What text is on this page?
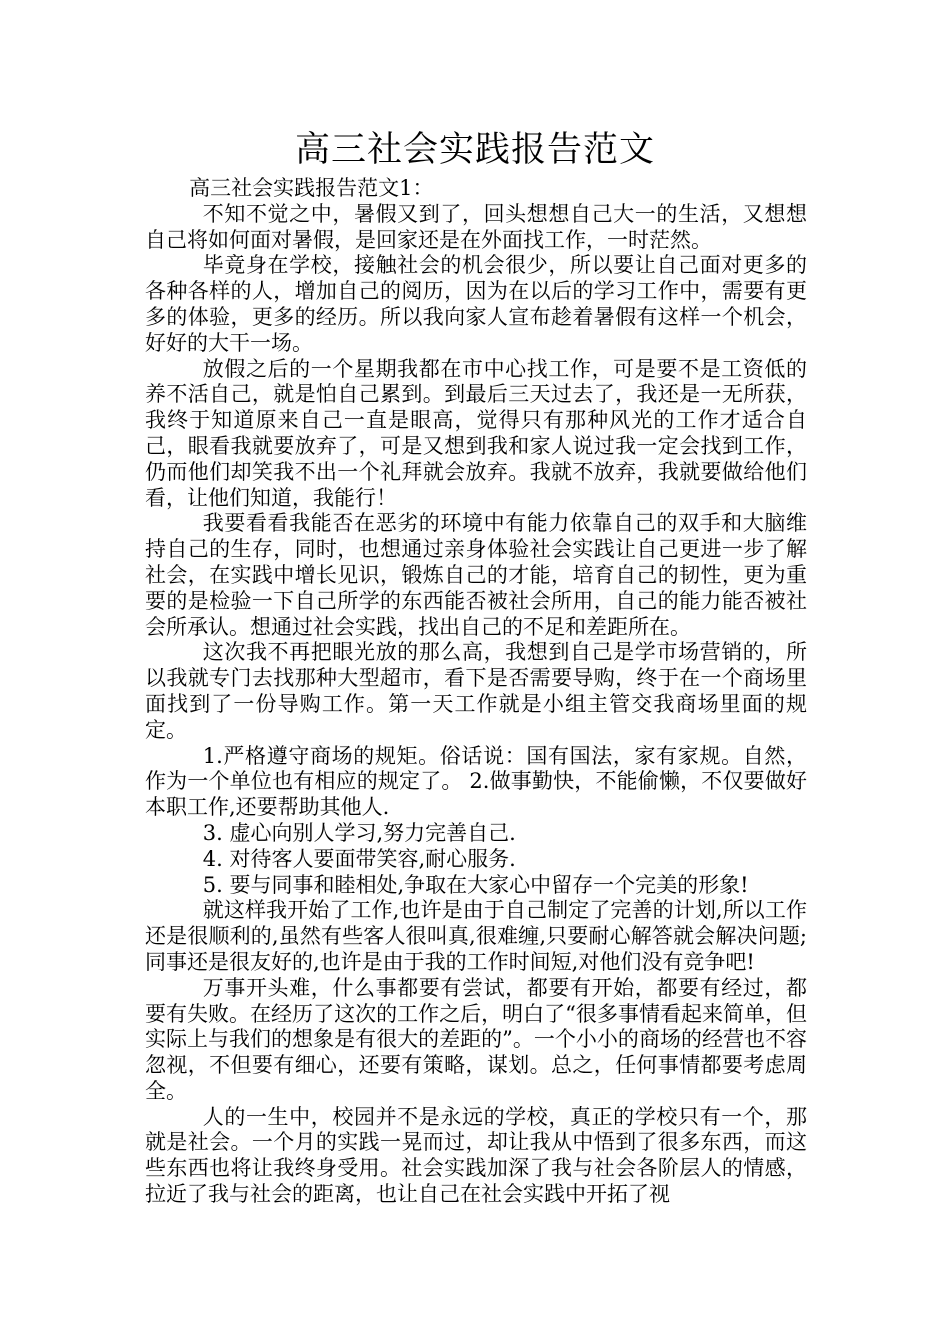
高三社会实践报告范文

高三社会实践报告范文1：

不知不觉之中，暑假又到了，回头想想自己大一的生活，又想想自己将如何面对暑假，是回家还是在外面找工作，一时茫然。

毕竟身在学校，接触社会的机会很少，所以要让自己面对更多的各种各样的人，增加自己的阅历，因为在以后的学习工作中，需要有更多的体验，更多的经历。所以我向家人宣布趁着暑假有这样一个机会，好好的大干一场。

放假之后的一个星期我都在市中心找工作，可是要不是工资低的养不活自己，就是怕自己累到。到最后三天过去了，我还是一无所获，我终于知道原来自己一直是眼高，觉得只有那种风光的工作才适合自己，眼看我就要放弃了，可是又想到我和家人说过我一定会找到工作，仍而他们却笑我不出一个礼拜就会放弃。我就不放弃，我就要做给他们看，让他们知道，我能行！

我要看看我能否在恶劣的环境中有能力依靠自己的双手和大脑维持自己的生存，同时，也想通过亲身体验社会实践让自己更进一步了解社会，在实践中增长见识，锻炼自己的才能，培育自己的韧性，更为重要的是检验一下自己所学的东西能否被社会所用，自己的能力能否被社会所承认。想通过社会实践，找出自己的不足和差距所在。

这次我不再把眼光放的那么高，我想到自己是学市场营销的，所以我就专门去找那种大型超市，看下是否需要导购，终于在一个商场里面找到了一份导购工作。第一天工作就是小组主管交我商场里面的规定。

1.严格遵守商场的规矩。俗话说：国有国法，家有家规。自然，作为一个单位也有相应的规定了。 2.做事勤快，不能偷懒，不仅要做好本职工作,还要帮助其他人.

3. 虚心向别人学习,努力完善自己.

4. 对待客人要面带笑容,耐心服务.

5. 要与同事和睦相处,争取在大家心中留存一个完美的形象!

就这样我开始了工作,也许是由于自己制定了完善的计划,所以工作还是很顺利的,虽然有些客人很叫真,很难缠,只要耐心解答就会解决问题;同事还是很友好的,也许是由于我的工作时间短,对他们没有竞争吧!

万事开头难，什么事都要有尝试，都要有开始，都要有经过，都要有失败。在经历了这次的工作之后，明白了“很多事情看起来简单，但实际上与我们的想象是有很大的差距的”。一个小小的商场的经营也不容忽视，不但要有细心，还要有策略，谋划。总之，任何事情都要考虑周全。

人的一生中，校园并不是永远的学校，真正的学校只有一个，那就是社会。一个月的实践一晃而过，却让我从中悟到了很多东西，而这些东西也将让我终身受用。社会实践加深了我与社会各阶层人的情感，拉近了我与社会的距离，也让自己在社会实践中开拓了视
